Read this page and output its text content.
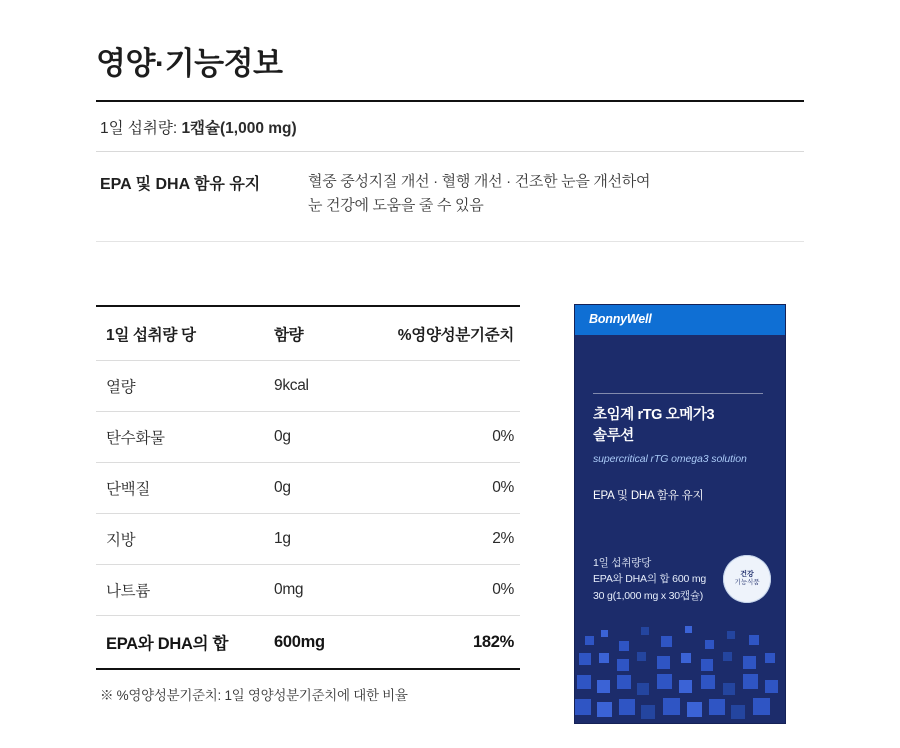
영양·기능정보
1일 섭취량: 1캡슐(1,000 mg)
EPA 및 DHA 함유 유지	혈중 중성지질 개선 · 혈행 개선 · 건조한 눈을 개선하여
눈 건강에 도움을 줄 수 있음
1일 섭취량 당	함량	%영양성분기준치
열량	9kcal	
탄수화물	0g	0%
단백질	0g	0%
지방	1g	2%
나트륨	0mg	0%
EPA와 DHA의 합	600mg	182%
※ %영양성분기준치: 1일 영양성분기준치에 대한 비율
BonnyWell
초임계 rTG 오메가3
솔루션
supercritical rTG omega3 solution
EPA 및 DHA 함유 유지
1일 섭취량당
EPA와 DHA의 합 600 mg
30 g(1,000 mg x 30캡슐)
건강
기능식품
